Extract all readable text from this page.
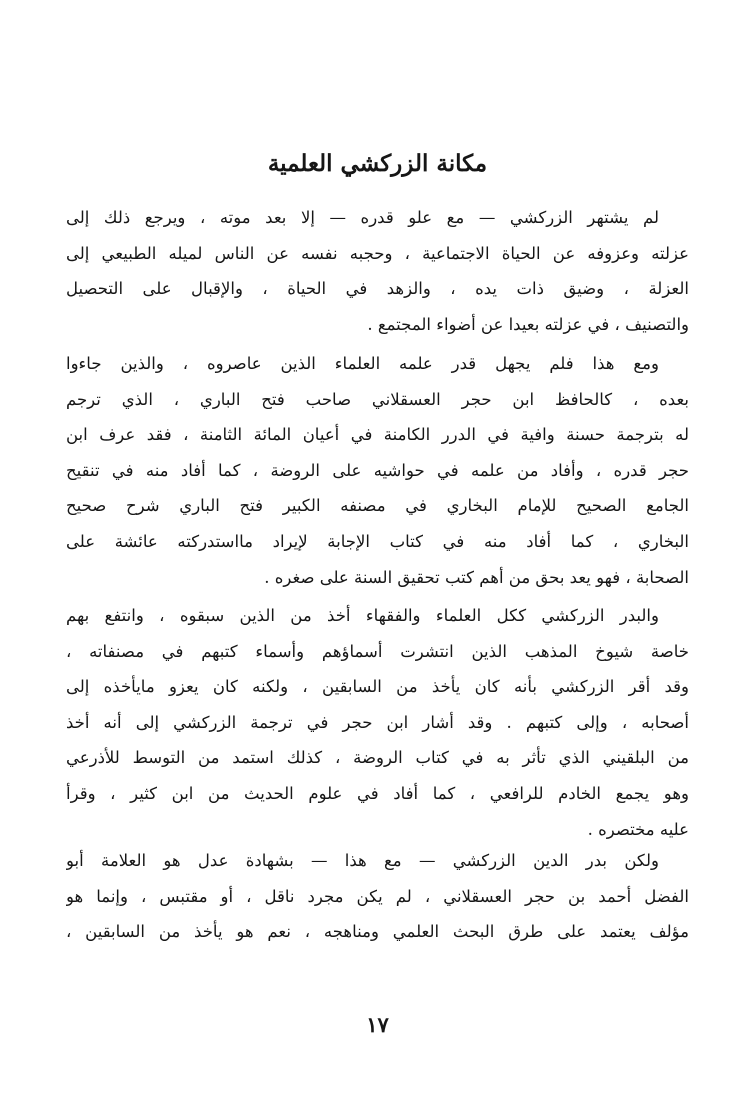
مكانة الزركشي العلمية
لم يشتهر الزركشي — مع علو قدره — إلا بعد موته ، ويرجع ذلك إلى
عزلته وعزوفه عن الحياة الاجتماعية ، وحجبه نفسه عن الناس لميله الطبيعي إلى
العزلة ، وضيق ذات يده ، والزهد في الحياة ، والإقبال على التحصيل
والتصنيف ، في عزلته بعيدا عن أضواء المجتمع .
ومع هذا فلم يجهل قدر علمه العلماء الذين عاصروه ، والذين جاءوا
بعده ، كالحافظ ابن حجر العسقلاني صاحب فتح الباري ، الذي ترجم
له بترجمة حسنة وافية في الدرر الكامنة في أعيان المائة الثامنة ، فقد عرف ابن
حجر قدره ، وأفاد من علمه في حواشيه على الروضة ، كما أفاد منه في تنقيح
الجامع الصحيح للإمام البخاري في مصنفه الكبير فتح الباري شرح صحيح
البخاري ، كما أفاد منه في كتاب الإجابة لإيراد مااستدركته عائشة على
الصحابة ، فهو يعد بحق من أهم كتب تحقيق السنة على صغره .
والبدر الزركشي ككل العلماء والفقهاء أخذ من الذين سبقوه ، وانتفع بهم
خاصة شيوخ المذهب الذين انتشرت أسماؤهم وأسماء كتبهم في مصنفاته ،
وقد أقر الزركشي بأنه كان يأخذ من السابقين ، ولكنه كان يعزو مايأخذه إلى
أصحابه ، وإلى كتبهم . وقد أشار ابن حجر في ترجمة الزركشي إلى أنه أخذ
من البلقيني الذي تأثر به في كتاب الروضة ، كذلك استمد من التوسط للأذرعي
وهو يجمع الخادم للرافعي ، كما أفاد في علوم الحديث من ابن كثير ، وقرأ
عليه مختصره .
ولكن بدر الدين الزركشي — مع هذا — بشهادة عدل هو العلامة أبو
الفضل أحمد بن حجر العسقلاني ، لم يكن مجرد ناقل ، أو مقتبس ، وإنما هو
مؤلف يعتمد على طرق البحث العلمي ومناهجه ، نعم هو يأخذ من السابقين ،
١٧
